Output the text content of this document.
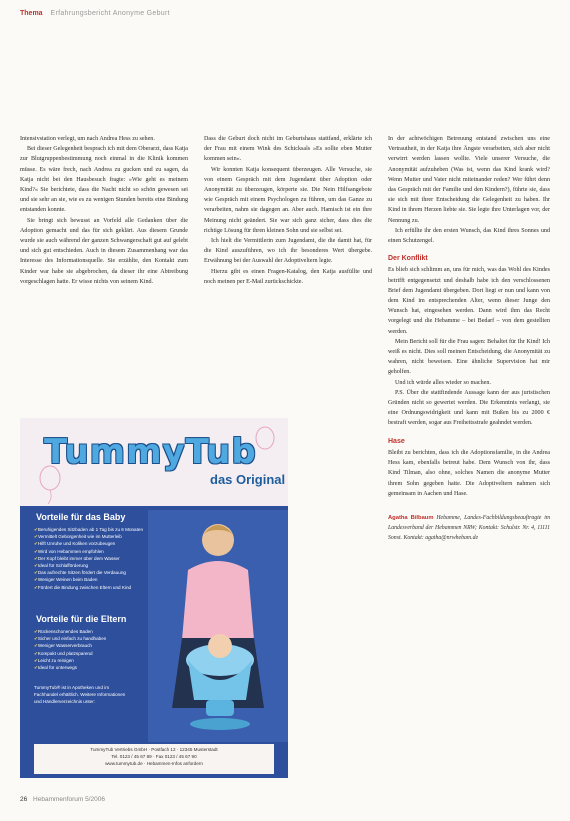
Thema Erfahrungsbericht Anonyme Geburt

Intensivstation verlegt, um nach Andrea Hess zu sehen.

Bei dieser Gelegenheit besprach ich mit dem Oberarzt, dass Katja zur Blutgruppenbestimmung noch einmal in die Klinik kommen müsse. Es wäre frech, nach Andrea zu gucken und zu sagen, da Katja nicht bei den Hausbesuch fragte: »Wie geht es meinem Kind?« Sie berichtete, dass die Nacht nicht so schön gewesen sei und sie sehr an sie, wie es zu wenigen Stunden bereits eine Bindung entstanden konnte.

Sie bringt sich bewusst an Vorfeld alle Gedanken über die Adoption gemacht und das für sich geklärt. Aus diesem Grunde wurde sie auch während der ganzen Schwangerschaft gut auf gelebt und sich gut entschieden. Auch in diesem Zusammenhang war das Interesse des Informationsquelle. Sie erzählte, den Kontakt zum Kinder war habe sie abgebrochen, da dieser ihr eine Abtreibung vorgeschlagen hatte. Er wisse nichts von seinem Kind.

Dass die Geburt doch nicht im Geburtshaus stattfand, erklärte ich der Frau mit einem Wink des Schicksals »Es sollte eben Mutter kommen sein«.

Wir konnten Katja konsequent überzeugen. Alle Versuche, sie von einem Gespräch mit dem Jugendamt über Adoption oder Anonymität zu überzeugen, körperte sie. Die Nein Hilfsangebote wie Gespräch mit einem Psychologen zu führen, um das Ganze zu verarbeiten, nahm sie dagegen an. Aber auch. Hamisch ist ein ihre Meinung nicht geändert. Sie war sich ganz sicher, dass dies die richtige Lösung für ihren kleinen Sohn und sie selbst sei.

Ich hielt die Vermittlerin zum Jugendamt, die die damit hat, für die Kind auszuführen, wo ich ihr besonderes Wert übergebe. Erwähnung bei der Auswahl der Adoptiveltern legte.

Hierzu gibt es einen Fragen-Katalog, den Katja ausfüllte und noch meinen per E-Mail zurückschickte.

In der achtwöchigen Betreuung entstand zwischen uns eine Vertrautheit, in der Katja ihre Ängste verarbeiten, sich aber nicht verwirrt werden lassen wollte. Viele unserer Versuche, die Anonymität aufzuheben (Was ist, wenn das Kind krank wird? Wenn Mutter und Vater nicht miteinander reden? Wer führt denn das Gespräch mit der Familie und den Kindern?), führte sie, dass sie sich mit ihrer Entscheidung die Gelegenheit zu haben. Ihr Kind in ihrem Herzen liebte sie. Sie legte ihre Unterlagen vor, der Nennung zu.

Ich erfüllte ihr den ersten Wunsch, das Kind ihres Sonnes und einen Schutzengel.

Der Konflikt

Es blieb sich schlimm an, uns für mich, was das Wohl des Kindes betrifft entgegensetzt und deshalb habe ich den verschlossenen Brief dem Jugendamt übergeben. Dort liegt er nun und kann von dem Kind im entsprechenden Alter, wenn dieser Junge den Wunsch hat, eingesehen werden. Dann wird ihm das Recht vorgelegt und die Hebamme – bei Bedarf – von dem gestellten werden.

Mein Bericht soll für die Frau sagen: Behaltet für Ihr Kind! Ich weiß es nicht. Dies soll meinen Entscheidung, die Anonymität zu wahren, nicht beweisen. Eine ähnliche Supervision hat mir geholfen.

Und ich würde alles wieder so machen.

P.S. Über die stattfindende Aussage kann der aus juristischen Gründen nicht so gewertet werden. Die Erkenntnis verlangt, sie eine Ordnungswidrigkeit und kann mit Bußen bis zu 2000 € bestraft werden, sogar aus Freiheitsstrafe geahndet werden.

Hase

Bleibt zu berichten, dass ich die Adoptionsfamilie, in die Andrea Hess kam, ebenfalls betreut habe. Dem Wunsch von ihr, dass Kind Tilman, also ohne, solches Namen die anonyme Mutter ihrem Sohn gegeben hatte. Die Adoptiveltern nahmen sich gemeinsam in Aachen und Hase.

Agatha Bilbaum Hebamme, Landes-Fachbildungsbeauftragte im Landesverband der Hebammen NRW; Kontakt: Schulstr. Nr. 4, 11111 Sonst. Kontakt: agatha@nrwhebam.de
TummyTub
das Original
Vorteile für das Baby
✔ Beruhigendes Sitzbaden ab 1 Tag bis zu 6 Monaten
✔ Vermittelt Geborgenheit wie im Mutterleib
✔ Hilft Unruhe und Koliken vorzubeugen
✔ Wird von Hebammen empfohlen
✔ Der Kopf bleibt immer über dem Wasser
✔ Ideal für Schlafförderung
✔ Das aufrechte Sitzen fördert die Verdauung
✔ Weniger Weinen beim Baden
✔ Fördert die Bindung zwischen Eltern und Kind
Vorteile für die Eltern
✔ Rückenschonendes Baden
✔ Sicher und einfach zu handhaben
✔ Weniger Wasserverbrauch
✔ Kompakt und platzsparend
✔ Leicht zu reinigen
✔ Ideal für unterwegs
TummyTub® ist in Apotheken und im Fachhandel erhältlich. Weitere Informationen und Händlerverzeichnis unter:
TummyTub Vertriebs GmbH · Postfach 12 · 12345 Musterstadt
Tel. 0123 / 45 67 89 · Fax 0123 / 45 67 90
www.tummytub.de · Hebammen-Infos anfordern
26 Hebammenforum 5/2006
